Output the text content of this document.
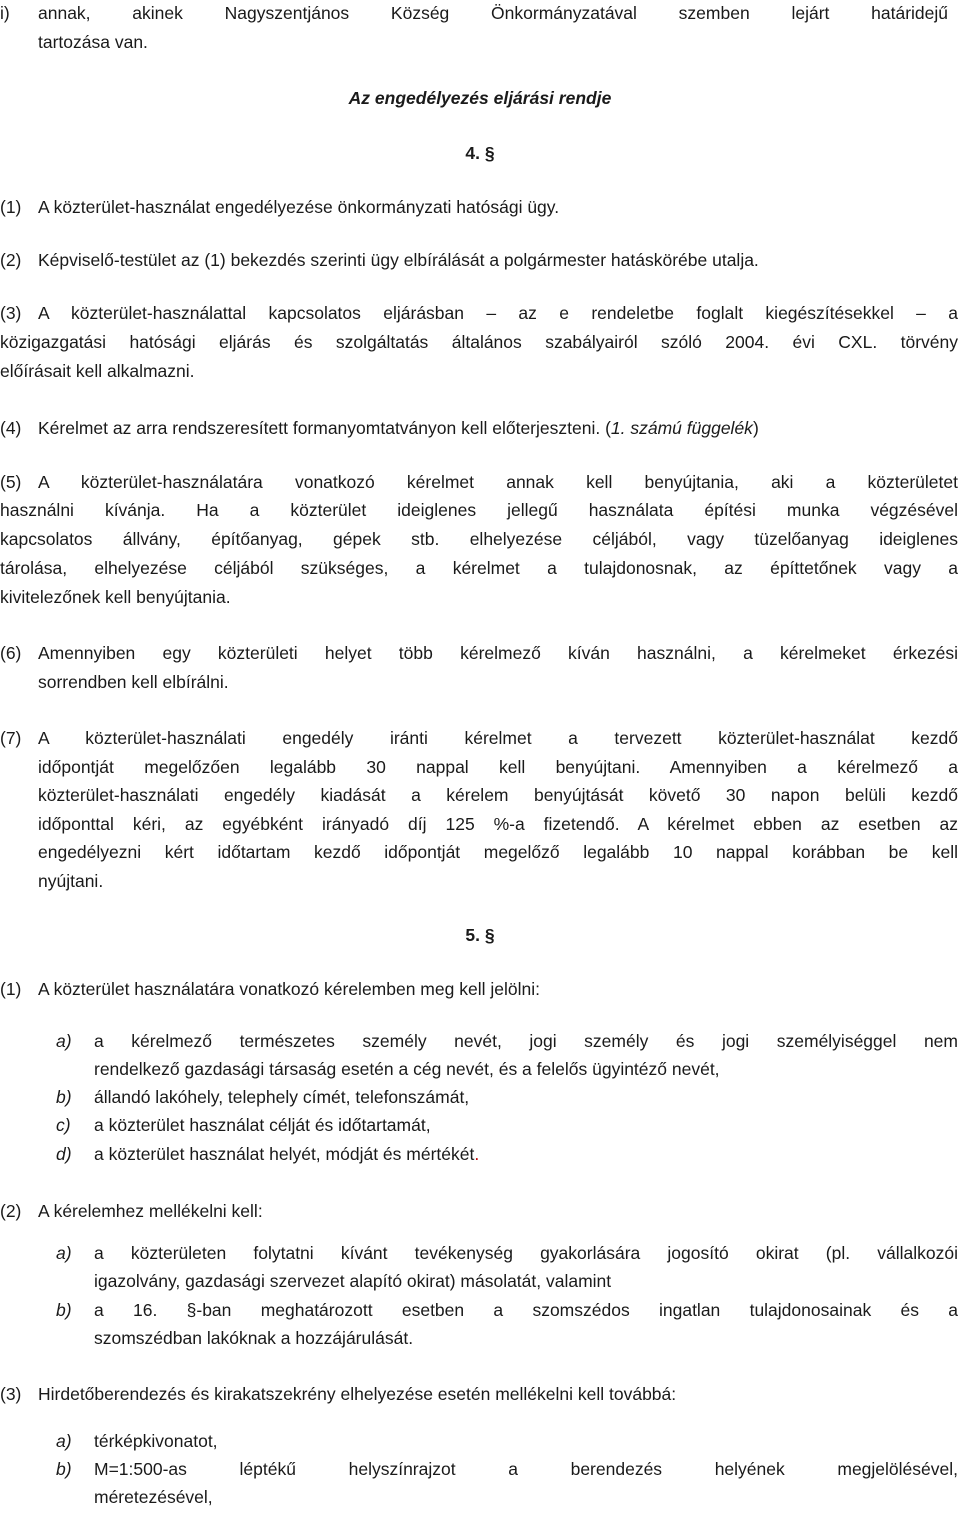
i) annak, akinek Nagyszentjános Község Önkormányzatával szemben lejárt határidejű
tartozása van.
Az engedélyezés eljárási rendje
4. §
(1) A közterület-használat engedélyezése önkormányzati hatósági ügy.
(2) Képviselő-testület az (1) bekezdés szerinti ügy elbírálását a polgármester hatáskörébe utalja.
(3) A közterület-használattal kapcsolatos eljárásban – az e rendeletbe foglalt kiegészítésekkel – a
közigazgatási hatósági eljárás és szolgáltatás általános szabályairól szóló 2004. évi CXL. törvény
előírásait kell alkalmazni.
(4) Kérelmet az arra rendszeresített formanyomtatványon kell előterjeszteni. (1. számú függelék)
(5) A közterület-használatára vonatkozó kérelmet annak kell benyújtania, aki a közterületet
használni kívánja. Ha a közterület ideiglenes jellegű használata építési munka végzésével
kapcsolatos állvány, építőanyag, gépek stb. elhelyezése céljából, vagy tüzelőanyag ideiglenes
tárolása, elhelyezése céljából szükséges, a kérelmet a tulajdonosnak, az építtetőnek vagy a
kivitelezőnek kell benyújtania.
(6) Amennyiben egy közterületi helyet több kérelmező kíván használni, a kérelmeket érkezési
sorrendben kell elbírálni.
(7) A közterület-használati engedély iránti kérelmet a tervezett közterület-használat kezdő
időpontját megelőzően legalább 30 nappal kell benyújtani. Amennyiben a kérelmező a
közterület-használati engedély kiadását a kérelem benyújtását követő 30 napon belüli kezdő
időponttal kéri, az egyébként irányadó díj 125 %-a fizetendő. A kérelmet ebben az esetben az
engedélyezni kért időtartam kezdő időpontját megelőző legalább 10 nappal korábban be kell
nyújtani.
5. §
(1) A közterület használatára vonatkozó kérelemben meg kell jelölni:
a) a kérelmező természetes személy nevét, jogi személy és jogi személyiséggel nem
rendelkező gazdasági társaság esetén a cég nevét, és a felelős ügyintéző nevét,
b) állandó lakóhely, telephely címét, telefonszámát,
c) a közterület használat célját és időtartamát,
d) a közterület használat helyét, módját és mértékét.
(2) A kérelemhez mellékelni kell:
a) a közterületen folytatni kívánt tevékenység gyakorlására jogosító okirat (pl. vállalkozói
igazolvány, gazdasági szervezet alapító okirat) másolatát, valamint
b) a 16. §-ban meghatározott esetben a szomszédos ingatlan tulajdonosainak és a
szomszédban lakóknak a hozzájárulását.
(3) Hirdetőberendezés és kirakatszekrény elhelyezése esetén mellékelni kell továbbá:
a) térképkivonatot,
b) M=1:500-as léptékű helyszínrajzot a berendezés helyének megjelölésével,
méretezésével,
